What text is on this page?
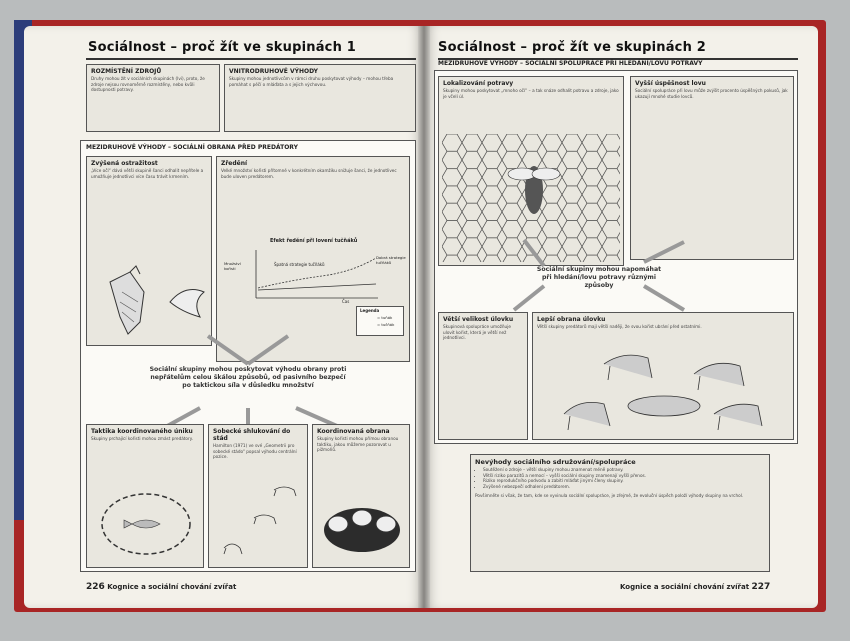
Sociálnost – proč žít ve skupinách 1
ROZMÍSTĚNÍ ZDROJŮ
Druhy mohou žít v sociálních skupinách (lvi), proto, že zdroje nejsou rovnoměrně rozmístěny, nebo kvůli dostupnosti potravy.
VNITRODRUHOVÉ VÝHODY
Skupiny mohou jednotlivcům v rámci druhu poskytovat výhody – mohou třeba pomáhat s péčí o mláďata a s jejich výchovou.
MEZIDRUHOVÉ VÝHODY – SOCIÁLNÍ OBRANA PŘED PREDÁTORY
Zvýšená ostražitost
„Více očí“ dává větší skupině šanci odhalit nepřítele a umožňuje jednotlivci více času trávit krmením.
Zředění
Velké množství kořisti přítomné v konkrétním okamžiku snižuje šanci, že jednotlivec bude uloven predátorem.
Efekt ředění při lovení tučňáků
Množství kořisti
Špatná strategie tučňáků
Dobrá strategie tučňáků
Čas
Legenda
= tuňák
= tučňák
Sociální skupiny mohou poskytovat výhodu obrany proti nepřátelům celou škálou způsobů, od pasivního bezpečí po taktickou síla v důsledku množství
Taktika koordinovaného úniku
Skupiny prchající kořisti mohou zmást predátory.
Sobecké shlukování do stád
Hamilton (1971) ve své „Geometrii pro sobecké stádo“ popsal výhodu centrální pozice.
Koordinovaná obrana
Skupiny kořisti mohou přímou obranou taktiku, jakou můžeme pozorovat u pižmoňů.
226 Kognice a sociální chování zvířat
Sociálnost – proč žít ve skupinách 2
MEZIDRUHOVÉ VÝHODY – SOCIÁLNÍ SPOLUPRÁCE PŘI HLEDÁNÍ/LOVU POTRAVY
Lokalizování potravy
Skupiny mohou poskytovat „mnoho očí“ – a tak snáze odhalit potravu a zdroje, jako je včelí úl.
Vyšší úspěšnost lovu
Sociální spolupráce při lovu může zvýšit procento úspěšných pokusů, jak ukazují mnohé studie lovců.
Sociální skupiny mohou napomáhat při hledání/lovu potravy různými způsoby
Větší velikost úlovku
Skupinová spolupráce umožňuje ulovit kořist, která je větší než jednotlivci.
Lepší obrana úlovku
Větší skupiny predátorů mají větší naději, že svou kořist ubrání před ostatními.
Nevýhody sociálního sdružování/spolupráce
• Soutěžení o zdroje – větší skupiny mohou znamenat méně potravy.
• Větší riziko parazitů a nemocí – vyšší sociální skupiny znamenají vyšší přenos.
• Riziko reprodukčního podvodu a zabití mláďat jinými členy skupiny.
• Zvýšené nebezpečí odhalení predátorem.
Povšimněte si však, že tam, kde se vyvinula sociální spolupráce, je zřejmé, že evoluční úspěch položí výhody skupiny na vrchol.
Kognice a sociální chování zvířat 227
